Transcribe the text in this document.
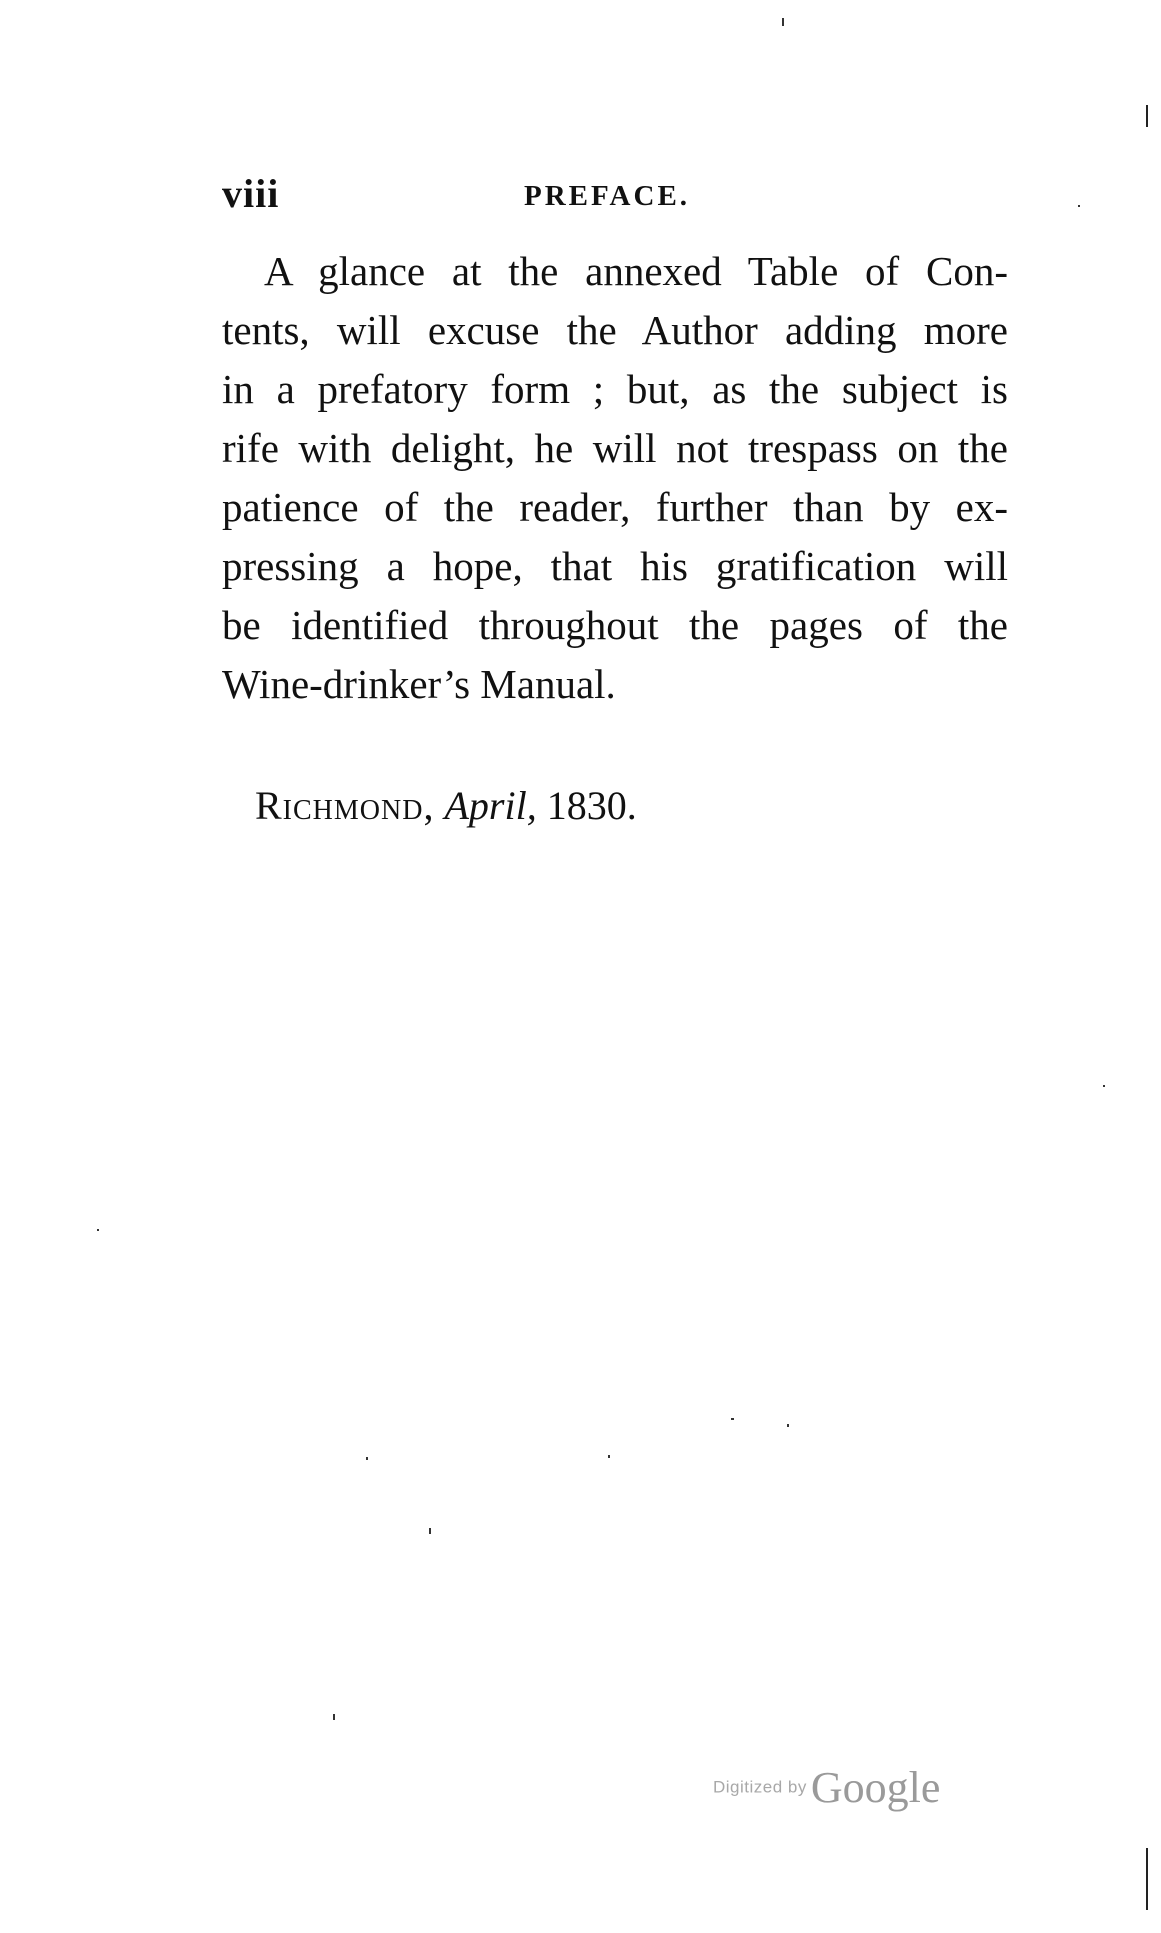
viii	PREFACE.
A glance at the annexed Table of Con-
tents, will excuse the Author adding more
in a prefatory form ; but, as the subject is
rife with delight, he will not trespass on the
patience of the reader, further than by ex-
pressing a hope, that his gratification will
be identified throughout the pages of the
Wine-drinker’s Manual.
Richmond, April, 1830.
Digitized by Google
